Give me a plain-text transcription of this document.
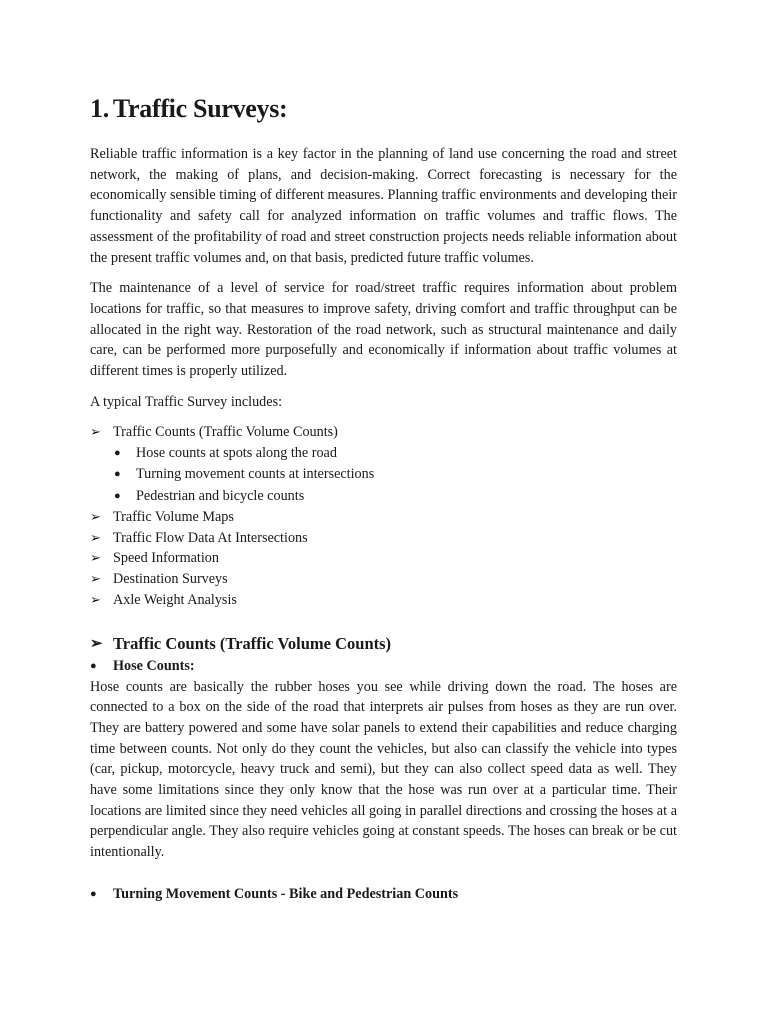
1. Traffic Surveys:

Reliable traffic information is a key factor in the planning of land use concerning the road and street network, the making of plans, and decision-making. Correct forecasting is necessary for the economically sensible timing of different measures. Planning traffic environments and developing their functionality and safety call for analyzed information on traffic volumes and traffic flows. The assessment of the profitability of road and street construction projects needs reliable information about the present traffic volumes and, on that basis, predicted future traffic volumes.

The maintenance of a level of service for road/street traffic requires information about problem locations for traffic, so that measures to improve safety, driving comfort and traffic throughput can be allocated in the right way. Restoration of the road network, such as structural maintenance and daily care, can be performed more purposefully and economically if information about traffic volumes at different times is properly utilized.

A typical Traffic Survey includes:

➢ Traffic Counts (Traffic Volume Counts)
● Hose counts at spots along the road
● Turning movement counts at intersections
● Pedestrian and bicycle counts
➢ Traffic Volume Maps
➢ Traffic Flow Data At Intersections
➢ Speed Information
➢ Destination Surveys
➢ Axle Weight Analysis
➢ Traffic Counts (Traffic Volume Counts)
● Hose Counts:

Hose counts are basically the rubber hoses you see while driving down the road. The hoses are connected to a box on the side of the road that interprets air pulses from hoses as they are run over. They are battery powered and some have solar panels to extend their capabilities and reduce charging time between counts. Not only do they count the vehicles, but also can classify the vehicle into types (car, pickup, motorcycle, heavy truck and semi), but they can also collect speed data as well. They have some limitations since they only know that the hose was run over at a particular time. Their locations are limited since they need vehicles all going in parallel directions and crossing the hoses at a perpendicular angle. They also require vehicles going at constant speeds. The hoses can break or be cut intentionally.

● Turning Movement Counts - Bike and Pedestrian Counts
